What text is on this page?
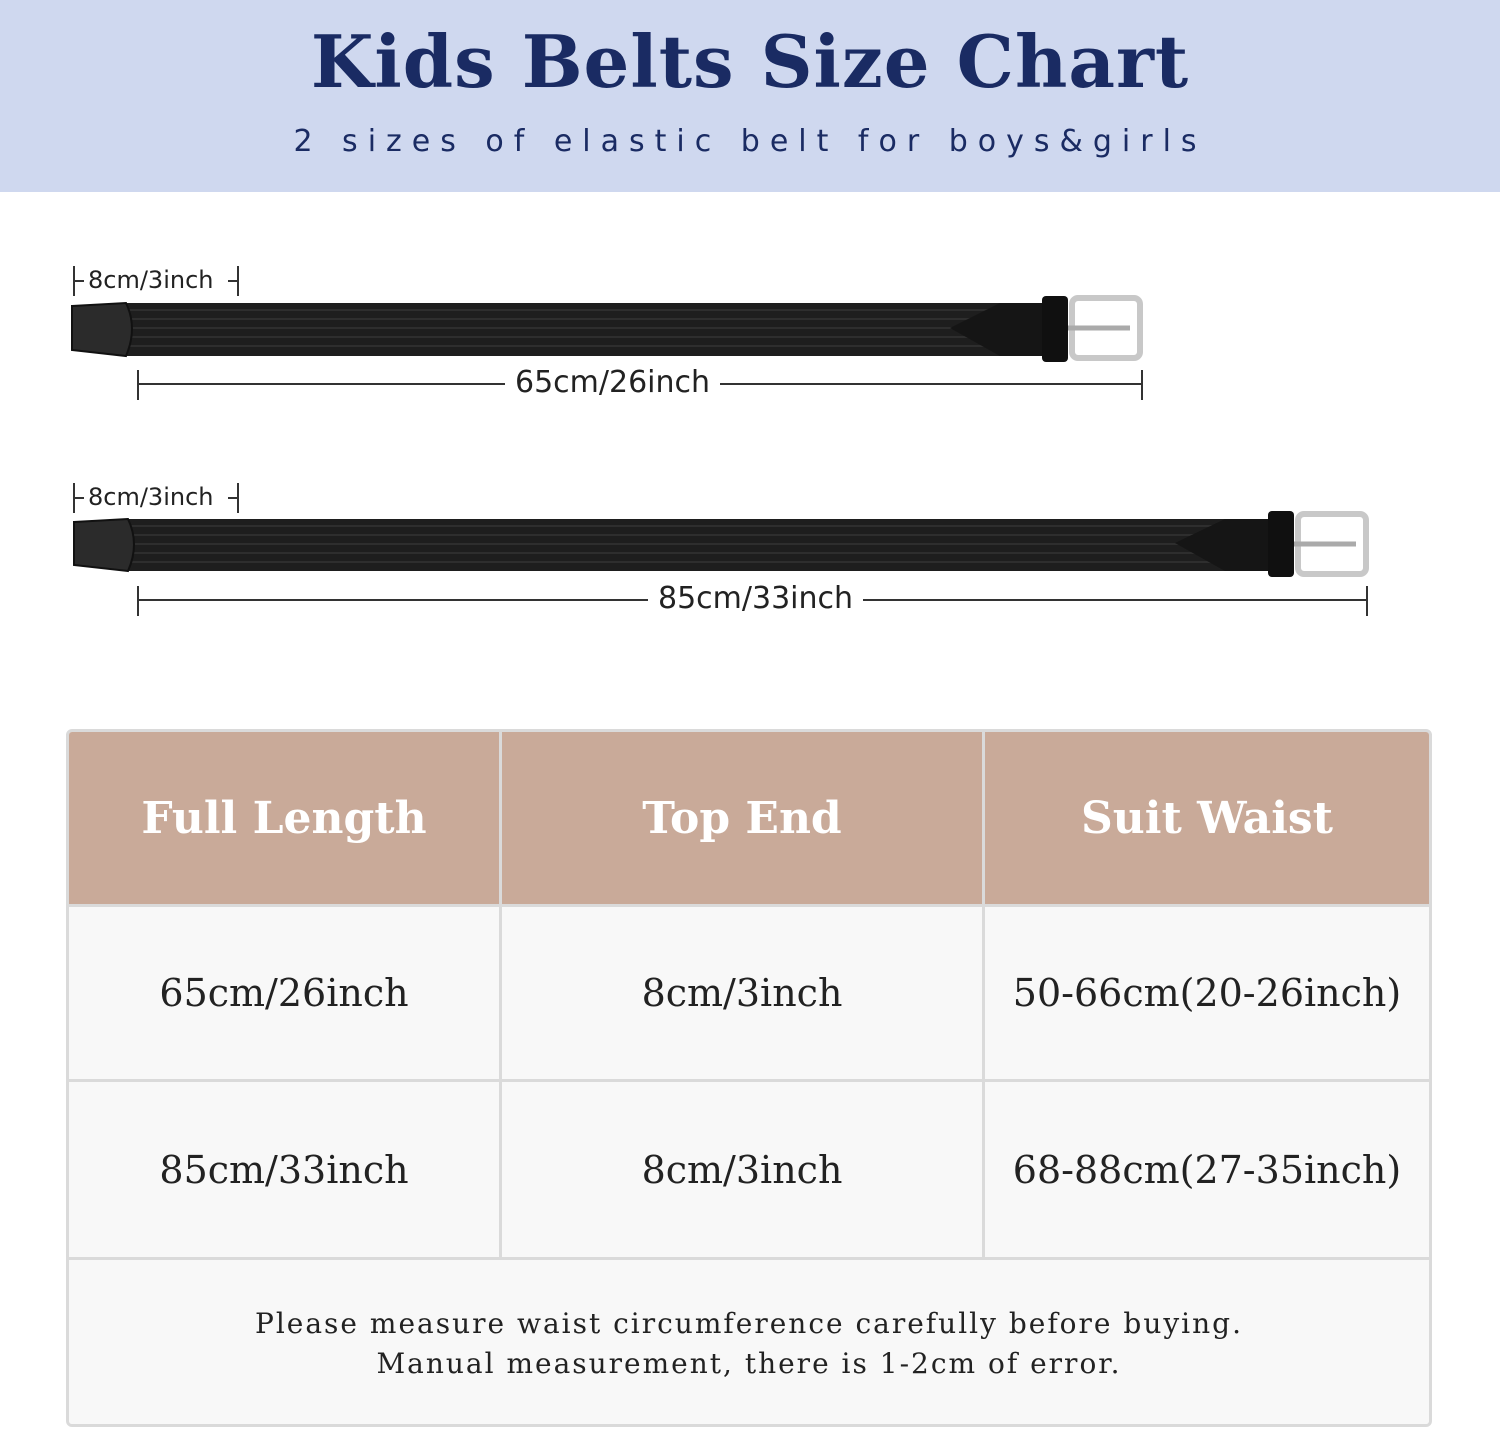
Kids Belts Size Chart
2 sizes of elastic belt for boys&girls
8cm/3inch
65cm/26inch
8cm/3inch
85cm/33inch
Full Length	Top End	Suit Waist
65cm/26inch	8cm/3inch	50-66cm(20-26inch)
85cm/33inch	8cm/3inch	68-88cm(27-35inch)
Please measure waist circumference carefully before buying.
Manual measurement, there is 1-2cm of error.
